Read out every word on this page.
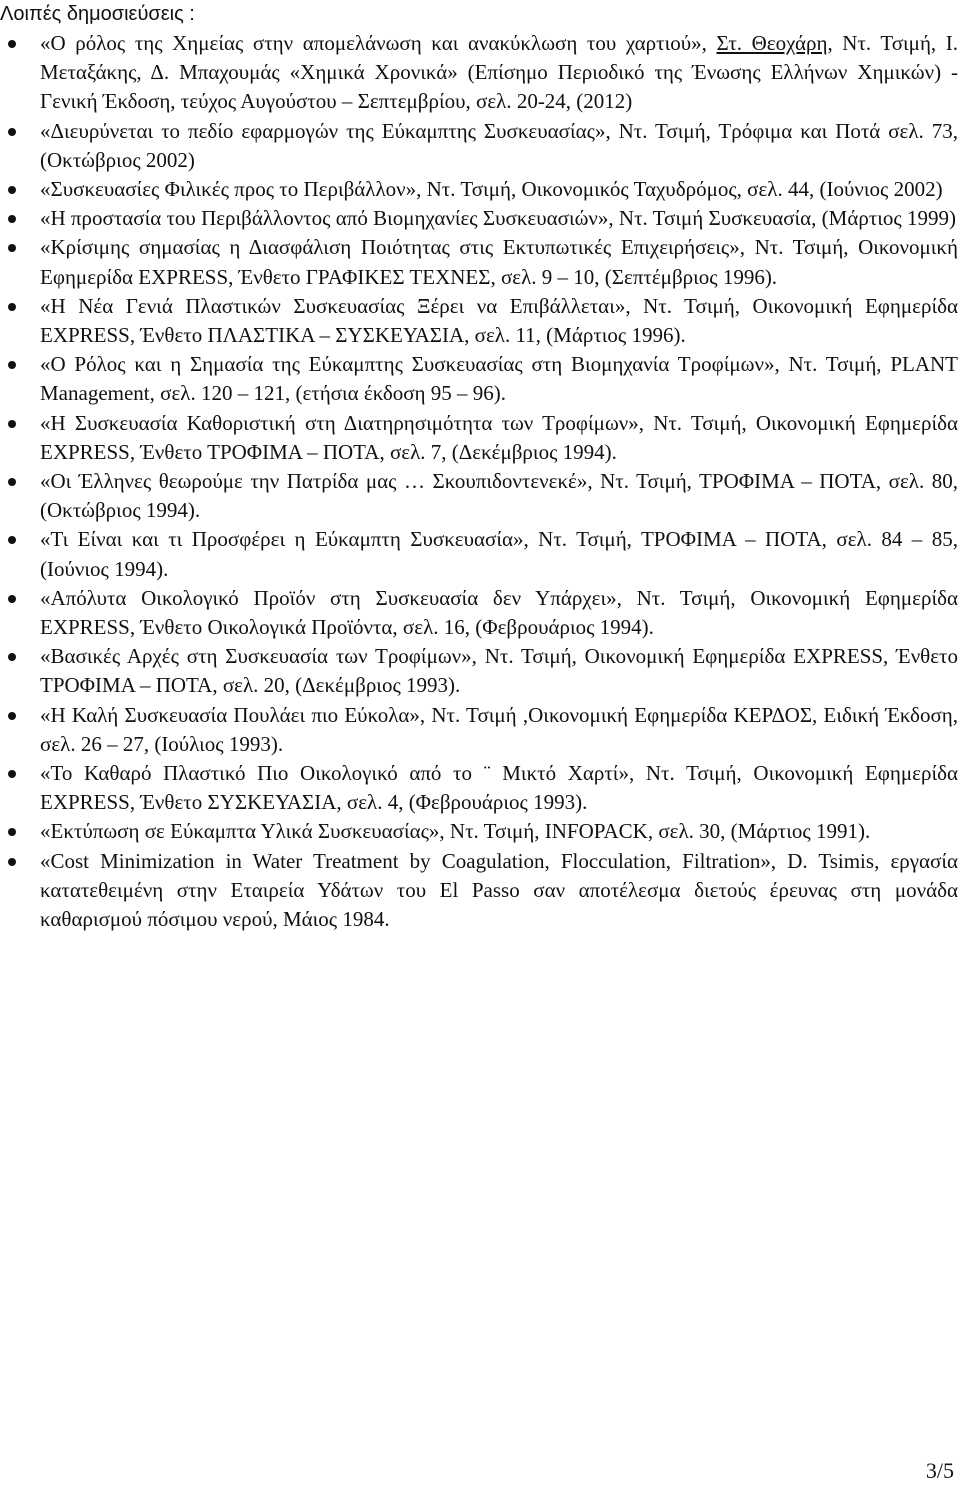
Λοιπές δημοσιεύσεις :

«Ο ρόλος της Χημείας στην απομελάνωση και ανακύκλωση του χαρτιού», Στ. Θεοχάρη, Ντ. Τσιμή, Ι. Μεταξάκης, Δ. Μπαχουμάς «Χημικά Χρονικά» (Επίσημο Περιοδικό της Ένωσης Ελλήνων Χημικών) - Γενική Έκδοση, τεύχος Αυγούστου – Σεπτεμβρίου, σελ. 20-24, (2012)
«Διευρύνεται το πεδίο εφαρμογών της Εύκαμπτης Συσκευασίας», Ντ. Τσιμή, Τρόφιμα και Ποτά σελ. 73, (Οκτώβριος 2002)
«Συσκευασίες Φιλικές προς το Περιβάλλον», Ντ. Τσιμή, Οικονομικός Ταχυδρόμος, σελ. 44, (Ιούνιος 2002)
«Η προστασία του Περιβάλλοντος από Βιομηχανίες Συσκευασιών», Ντ. Τσιμή Συσκευασία, (Μάρτιος 1999)
«Κρίσιμης σημασίας η Διασφάλιση Ποιότητας στις Εκτυπωτικές Επιχειρήσεις», Ντ. Τσιμή, Οικονομική Εφημερίδα EXPRESS, Ένθετο ΓΡΑΦΙΚΕΣ ΤΕΧΝΕΣ, σελ. 9 – 10, (Σεπτέμβριος 1996).
«Η Νέα Γενιά Πλαστικών Συσκευασίας Ξέρει να Επιβάλλεται», Ντ. Τσιμή, Οικονομική Εφημερίδα EXPRESS, Ένθετο ΠΛΑΣΤΙΚΑ – ΣΥΣΚΕΥΑΣΙΑ, σελ. 11, (Μάρτιος 1996).
«Ο Ρόλος και η Σημασία της Εύκαμπτης Συσκευασίας στη Βιομηχανία Τροφίμων», Ντ. Τσιμή, PLANT Management, σελ. 120 – 121, (ετήσια έκδοση 95 – 96).
«Η Συσκευασία Καθοριστική στη Διατηρησιμότητα των Τροφίμων», Ντ. Τσιμή, Οικονομική Εφημερίδα EXPRESS, Ένθετο ΤΡΟΦΙΜΑ – ΠΟΤΑ, σελ. 7, (Δεκέμβριος 1994).
«Οι Έλληνες θεωρούμε την Πατρίδα μας … Σκουπιδοντενεκέ», Ντ. Τσιμή, ΤΡΟΦΙΜΑ – ΠΟΤΑ, σελ. 80, (Οκτώβριος 1994).
«Τι Είναι και τι Προσφέρει η Εύκαμπτη Συσκευασία», Ντ. Τσιμή, ΤΡΟΦΙΜΑ – ΠΟΤΑ, σελ. 84 – 85, (Ιούνιος 1994).
«Απόλυτα Οικολογικό Προϊόν στη Συσκευασία δεν Υπάρχει», Ντ. Τσιμή, Οικονομική Εφημερίδα EXPRESS, Ένθετο Οικολογικά Προϊόντα, σελ. 16, (Φεβρουάριος 1994).
«Βασικές Αρχές στη Συσκευασία των Τροφίμων», Ντ. Τσιμή, Οικονομική Εφημερίδα EXPRESS, Ένθετο ΤΡΟΦΙΜΑ – ΠΟΤΑ, σελ. 20, (Δεκέμβριος 1993).
«Η Καλή Συσκευασία Πουλάει πιο Εύκολα», Ντ. Τσιμή ,Οικονομική Εφημερίδα ΚΕΡΔΟΣ, Ειδική Έκδοση, σελ. 26 – 27, (Ιούλιος 1993).
«Το Καθαρό Πλαστικό Πιο Οικολογικό από το ¨ Μικτό Χαρτί», Ντ. Τσιμή, Οικονομική Εφημερίδα EXPRESS, Ένθετο ΣΥΣΚΕΥΑΣΙΑ, σελ. 4, (Φεβρουάριος 1993).
«Εκτύπωση σε Εύκαμπτα Υλικά Συσκευασίας», Ντ. Τσιμή, INFOPACK, σελ. 30, (Μάρτιος 1991).
«Cost Minimization in Water Treatment by Coagulation, Flocculation, Filtration», D. Tsimis, εργασία κατατεθειμένη στην Εταιρεία Υδάτων του El Passo σαν αποτέλεσμα διετούς έρευνας στη μονάδα καθαρισμού πόσιμου νερού, Μάιος 1984.
3/5
